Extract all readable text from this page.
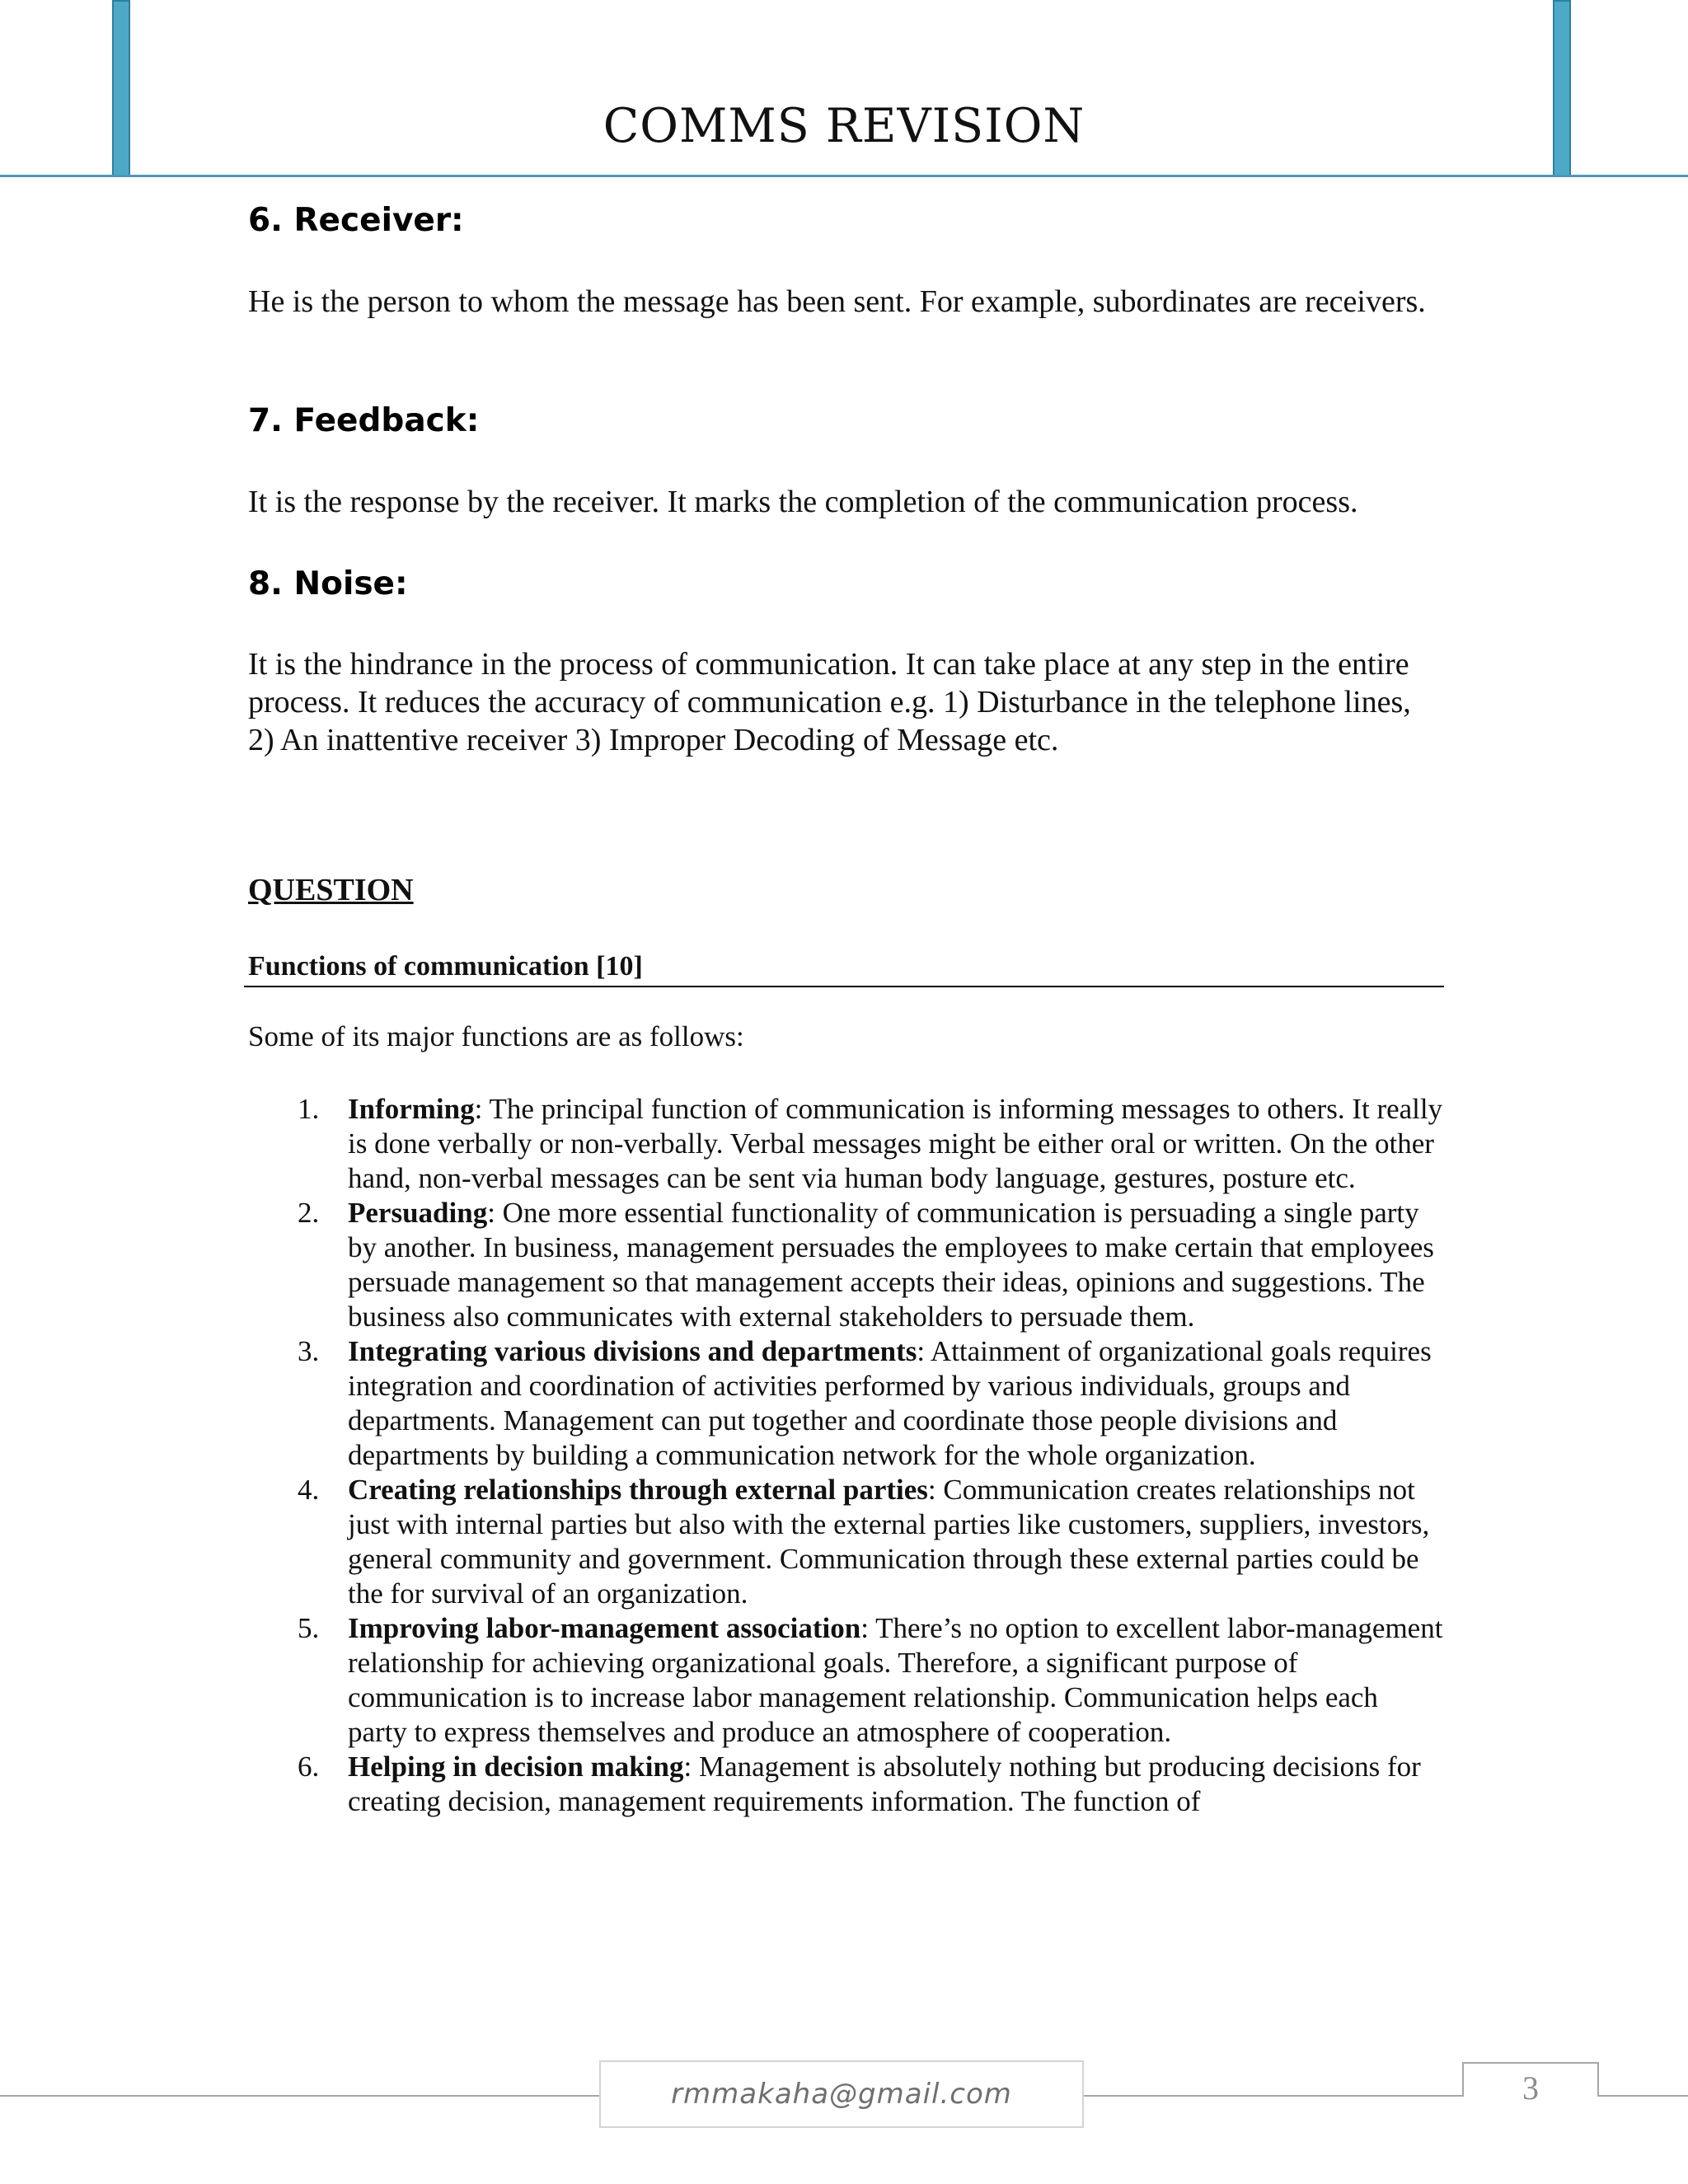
COMMS REVISION
6. Receiver:

He is the person to whom the message has been sent. For example, subordinates are receivers.

7. Feedback:

It is the response by the receiver. It marks the completion of the communication process.

8. Noise:

It is the hindrance in the process of communication. It can take place at any step in the entire process. It reduces the accuracy of communication e.g. 1) Disturbance in the telephone lines, 2) An inattentive receiver 3) Improper Decoding of Message etc.

QUESTION

Functions of communication [10]

Some of its major functions are as follows:

1. Informing: The principal function of communication is informing messages to others. It really is done verbally or non-verbally. Verbal messages might be either oral or written. On the other hand, non-verbal messages can be sent via human body language, gestures, posture etc.
2. Persuading: One more essential functionality of communication is persuading a single party by another. In business, management persuades the employees to make certain that employees persuade management so that management accepts their ideas, opinions and suggestions. The business also communicates with external stakeholders to persuade them.
3. Integrating various divisions and departments: Attainment of organizational goals requires integration and coordination of activities performed by various individuals, groups and departments. Management can put together and coordinate those people divisions and departments by building a communication network for the whole organization.
4. Creating relationships through external parties: Communication creates relationships not just with internal parties but also with the external parties like customers, suppliers, investors, general community and government. Communication through these external parties could be the for survival of an organization.
5. Improving labor-management association: There’s no option to excellent labor-management relationship for achieving organizational goals. Therefore, a significant purpose of communication is to increase labor management relationship. Communication helps each party to express themselves and produce an atmosphere of cooperation.
6. Helping in decision making: Management is absolutely nothing but producing decisions for creating decision, management requirements information. The function of
rmmakaha@gmail.com	3
